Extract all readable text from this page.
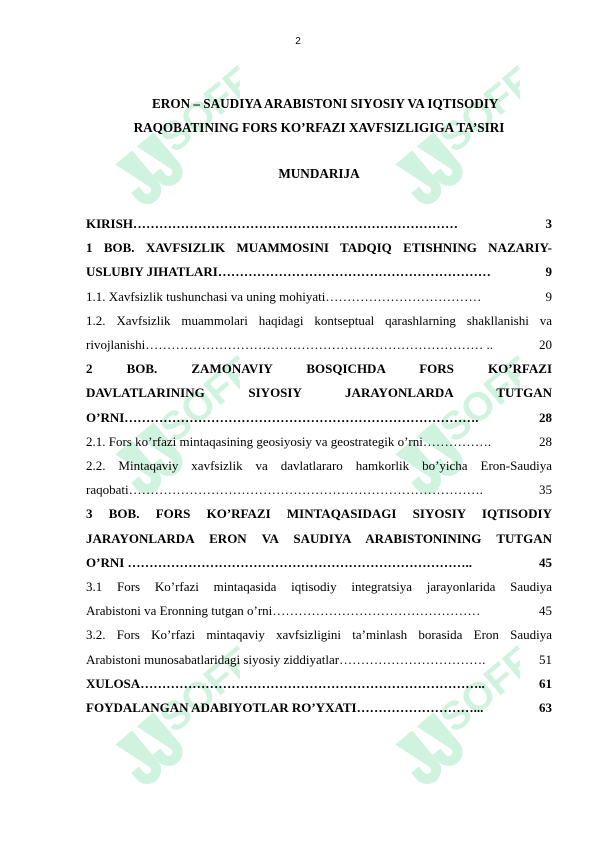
SOFF	SOFF
SOFF	SOFF
SOFF	SOFF
2
ERON – SAUDIYA ARABISTONI SIYOSIY VA IQTISODIY
RAQOBATINING FORS KO’RFAZI XAVFSIZLIGIGA TA’SIRI
MUNDARIJA
KIRISH…………………………………………………………………	3
1 BOB. XAVFSIZLIK MUAMMOSINI TADQIQ ETISHNING NAZARIY-
USLUBIY JIHATLARI………………………………………………………	9
1.1. Xavfsizlik tushunchasi va uning mohiyati………………………………	9
1.2. Xavfsizlik muammolari haqidagi kontseptual qarashlarning shakllanishi va
rivojlanishi…………………………………………………………………… ..	20
2 BOB. ZAMONAVIY BOSQICHDA FORS KO’RFAZI
DAVLATLARINING SIYOSIY JARAYONLARDA TUTGAN
O’RNI……………………………………………………………………….	28
2.1. Fors ko’rfazi mintaqasining geosiyosiy va geostrategik o’rni…………….	28
2.2. Mintaqaviy xavfsizlik va davlatlararo hamkorlik bo’yicha Eron-Saudiya
raqobati……………………………………………………………………….	35
3 BOB. FORS KO’RFAZI MINTAQASIDAGI SIYOSIY IQTISODIY
JARAYONLARDA ERON VA SAUDIYA ARABISTONINING TUTGAN
O’RNI ……………………………………………………………………..	45
3.1 Fors Ko’rfazi mintaqasida iqtisodiy integratsiya jarayonlarida Saudiya
Arabistoni va Eronning tutgan o’rni…………………………………………	45
3.2. Fors Ko’rfazi mintaqaviy xavfsizligini ta’minlash borasida Eron Saudiya
Arabistoni munosabatlaridagi siyosiy ziddiyatlar…………………………….	51
XULOSA……………………………………………………………………..	61
FOYDALANGAN ADABIYOTLAR RO’YXATI………………………...	63
